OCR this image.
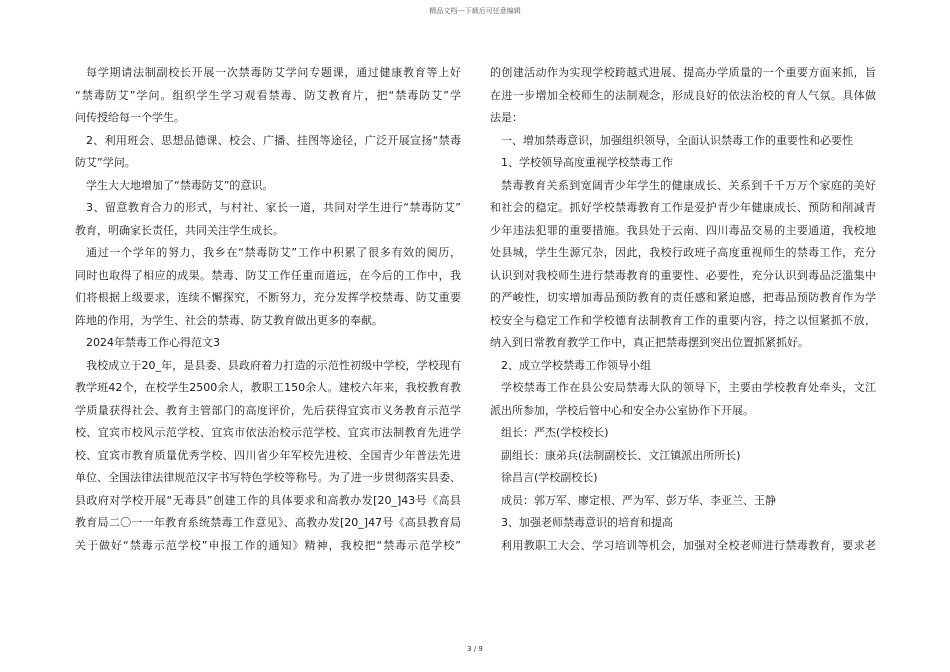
精品文档---下载后可任意编辑
每学期请法制副校长开展一次禁毒防艾学问专题课，通过健康教育等上好
“禁毒防艾”学问。组织学生学习观看禁毒、防艾教育片，把“禁毒防艾”学
问传授给每一个学生。
2、利用班会、思想品德课、校会、广播、挂图等途径，广泛开展宣扬“禁毒
防艾”学问。
学生大大地增加了“禁毒防艾”的意识。
3、留意教育合力的形式，与村社、家长一道，共同对学生进行“禁毒防艾”
教育，明确家长责任，共同关注学生成长。
通过一个学年的努力，我乡在“禁毒防艾”工作中积累了很多有效的阅历，
同时也取得了相应的成果。禁毒、防艾工作任重而道远，在今后的工作中，我
们将根据上级要求，连续不懈探究，不断努力，充分发挥学校禁毒、防艾重要
阵地的作用，为学生、社会的禁毒、防艾教育做出更多的奉献。
2024年禁毒工作心得范文3
我校成立于20_年，是县委、县政府着力打造的示范性初级中学校，学校现有
教学班42个，在校学生2500余人，教职工150余人。建校六年来，我校教育教
学质量获得社会、教育主管部门的高度评价，先后获得宜宾市义务教育示范学
校、宜宾市校风示范学校、宜宾市依法治校示范学校、宜宾市法制教育先进学
校、宜宾市教育质量优秀学校、四川省少年军校先进校、全国青少年普法先进
单位、全国法律法律规范汉字书写特色学校等称号。为了进一步贯彻落实县委、
县政府对学校开展“无毒县”创建工作的具体要求和高教办发[20_]43号《高县
教育局二〇一一年教育系统禁毒工作意见》、高教办发[20_]47号《高县教育局
关于做好“禁毒示范学校”申报工作的通知》精神，我校把“禁毒示范学校”
的创建活动作为实现学校跨越式进展、提高办学质量的一个重要方面来抓，旨
在进一步增加全校师生的法制观念，形成良好的依法治校的育人气氛。具体做
法是：
一、增加禁毒意识，加强组织领导，全面认识禁毒工作的重要性和必要性
1、学校领导高度重视学校禁毒工作
禁毒教育关系到宽阔青少年学生的健康成长、关系到千千万万个家庭的美好
和社会的稳定。抓好学校禁毒教育工作是爱护青少年健康成长、预防和削减青
少年违法犯罪的重要措施。我县处于云南、四川毒品交易的主要通道，我校地
处县城，学生生源冗杂，因此，我校行政班子高度重视师生的禁毒工作，充分
认识到对我校师生进行禁毒教育的重要性、必要性，充分认识到毒品泛滥集中
的严峻性，切实增加毒品预防教育的责任感和紧迫感，把毒品预防教育作为学
校安全与稳定工作和学校德育法制教育工作的重要内容，持之以恒紧抓不放，
纳入到日常教育教学工作中，真正把禁毒摆到突出位置抓紧抓好。
2、成立学校禁毒工作领导小组
学校禁毒工作在县公安局禁毒大队的领导下，主要由学校教育处牵头，文江
派出所参加，学校后管中心和安全办公室协作下开展。
组长：严杰(学校校长)
副组长：康弟兵(法制副校长、文江镇派出所所长)
徐昌言(学校副校长)
成员：郭万军、廖定根、严为军、彭万华、李亚兰、王静
3、加强老师禁毒意识的培育和提高
利用教职工大会、学习培训等机会，加强对全校老师进行禁毒教育，要求老
3 / 9
